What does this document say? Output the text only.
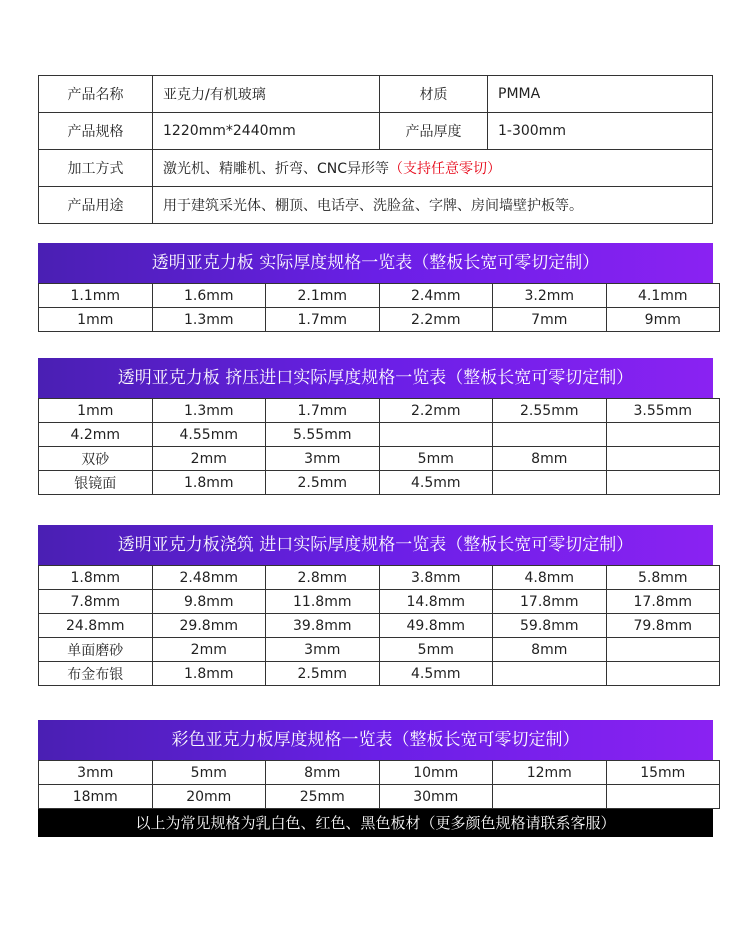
产品名称	亚克力/有机玻璃	材质	PMMA
产品规格	1220mm*2440mm	产品厚度	1-300mm
加工方式	激光机、精雕机、折弯、CNC异形等（支持任意零切）		
产品用途	用于建筑采光体、棚顶、电话亭、洗脸盆、字牌、房间墙壁护板等。		
透明亚克力板 实际厚度规格一览表（整板长宽可零切定制）
1.1mm	1.6mm	2.1mm	2.4mm	3.2mm	4.1mm
1mm	1.3mm	1.7mm	2.2mm	7mm	9mm
透明亚克力板 挤压进口实际厚度规格一览表（整板长宽可零切定制）
1mm	1.3mm	1.7mm	2.2mm	2.55mm	3.55mm
4.2mm	4.55mm	5.55mm			
双砂	2mm	3mm	5mm	8mm	
银镜面	1.8mm	2.5mm	4.5mm		
透明亚克力板浇筑 进口实际厚度规格一览表（整板长宽可零切定制）
1.8mm	2.48mm	2.8mm	3.8mm	4.8mm	5.8mm
7.8mm	9.8mm	11.8mm	14.8mm	17.8mm	17.8mm
24.8mm	29.8mm	39.8mm	49.8mm	59.8mm	79.8mm
单面磨砂	2mm	3mm	5mm	8mm	
布金布银	1.8mm	2.5mm	4.5mm		
彩色亚克力板厚度规格一览表（整板长宽可零切定制）
3mm	5mm	8mm	10mm	12mm	15mm
18mm	20mm	25mm	30mm		
以上为常见规格为乳白色、红色、黑色板材（更多颜色规格请联系客服）
